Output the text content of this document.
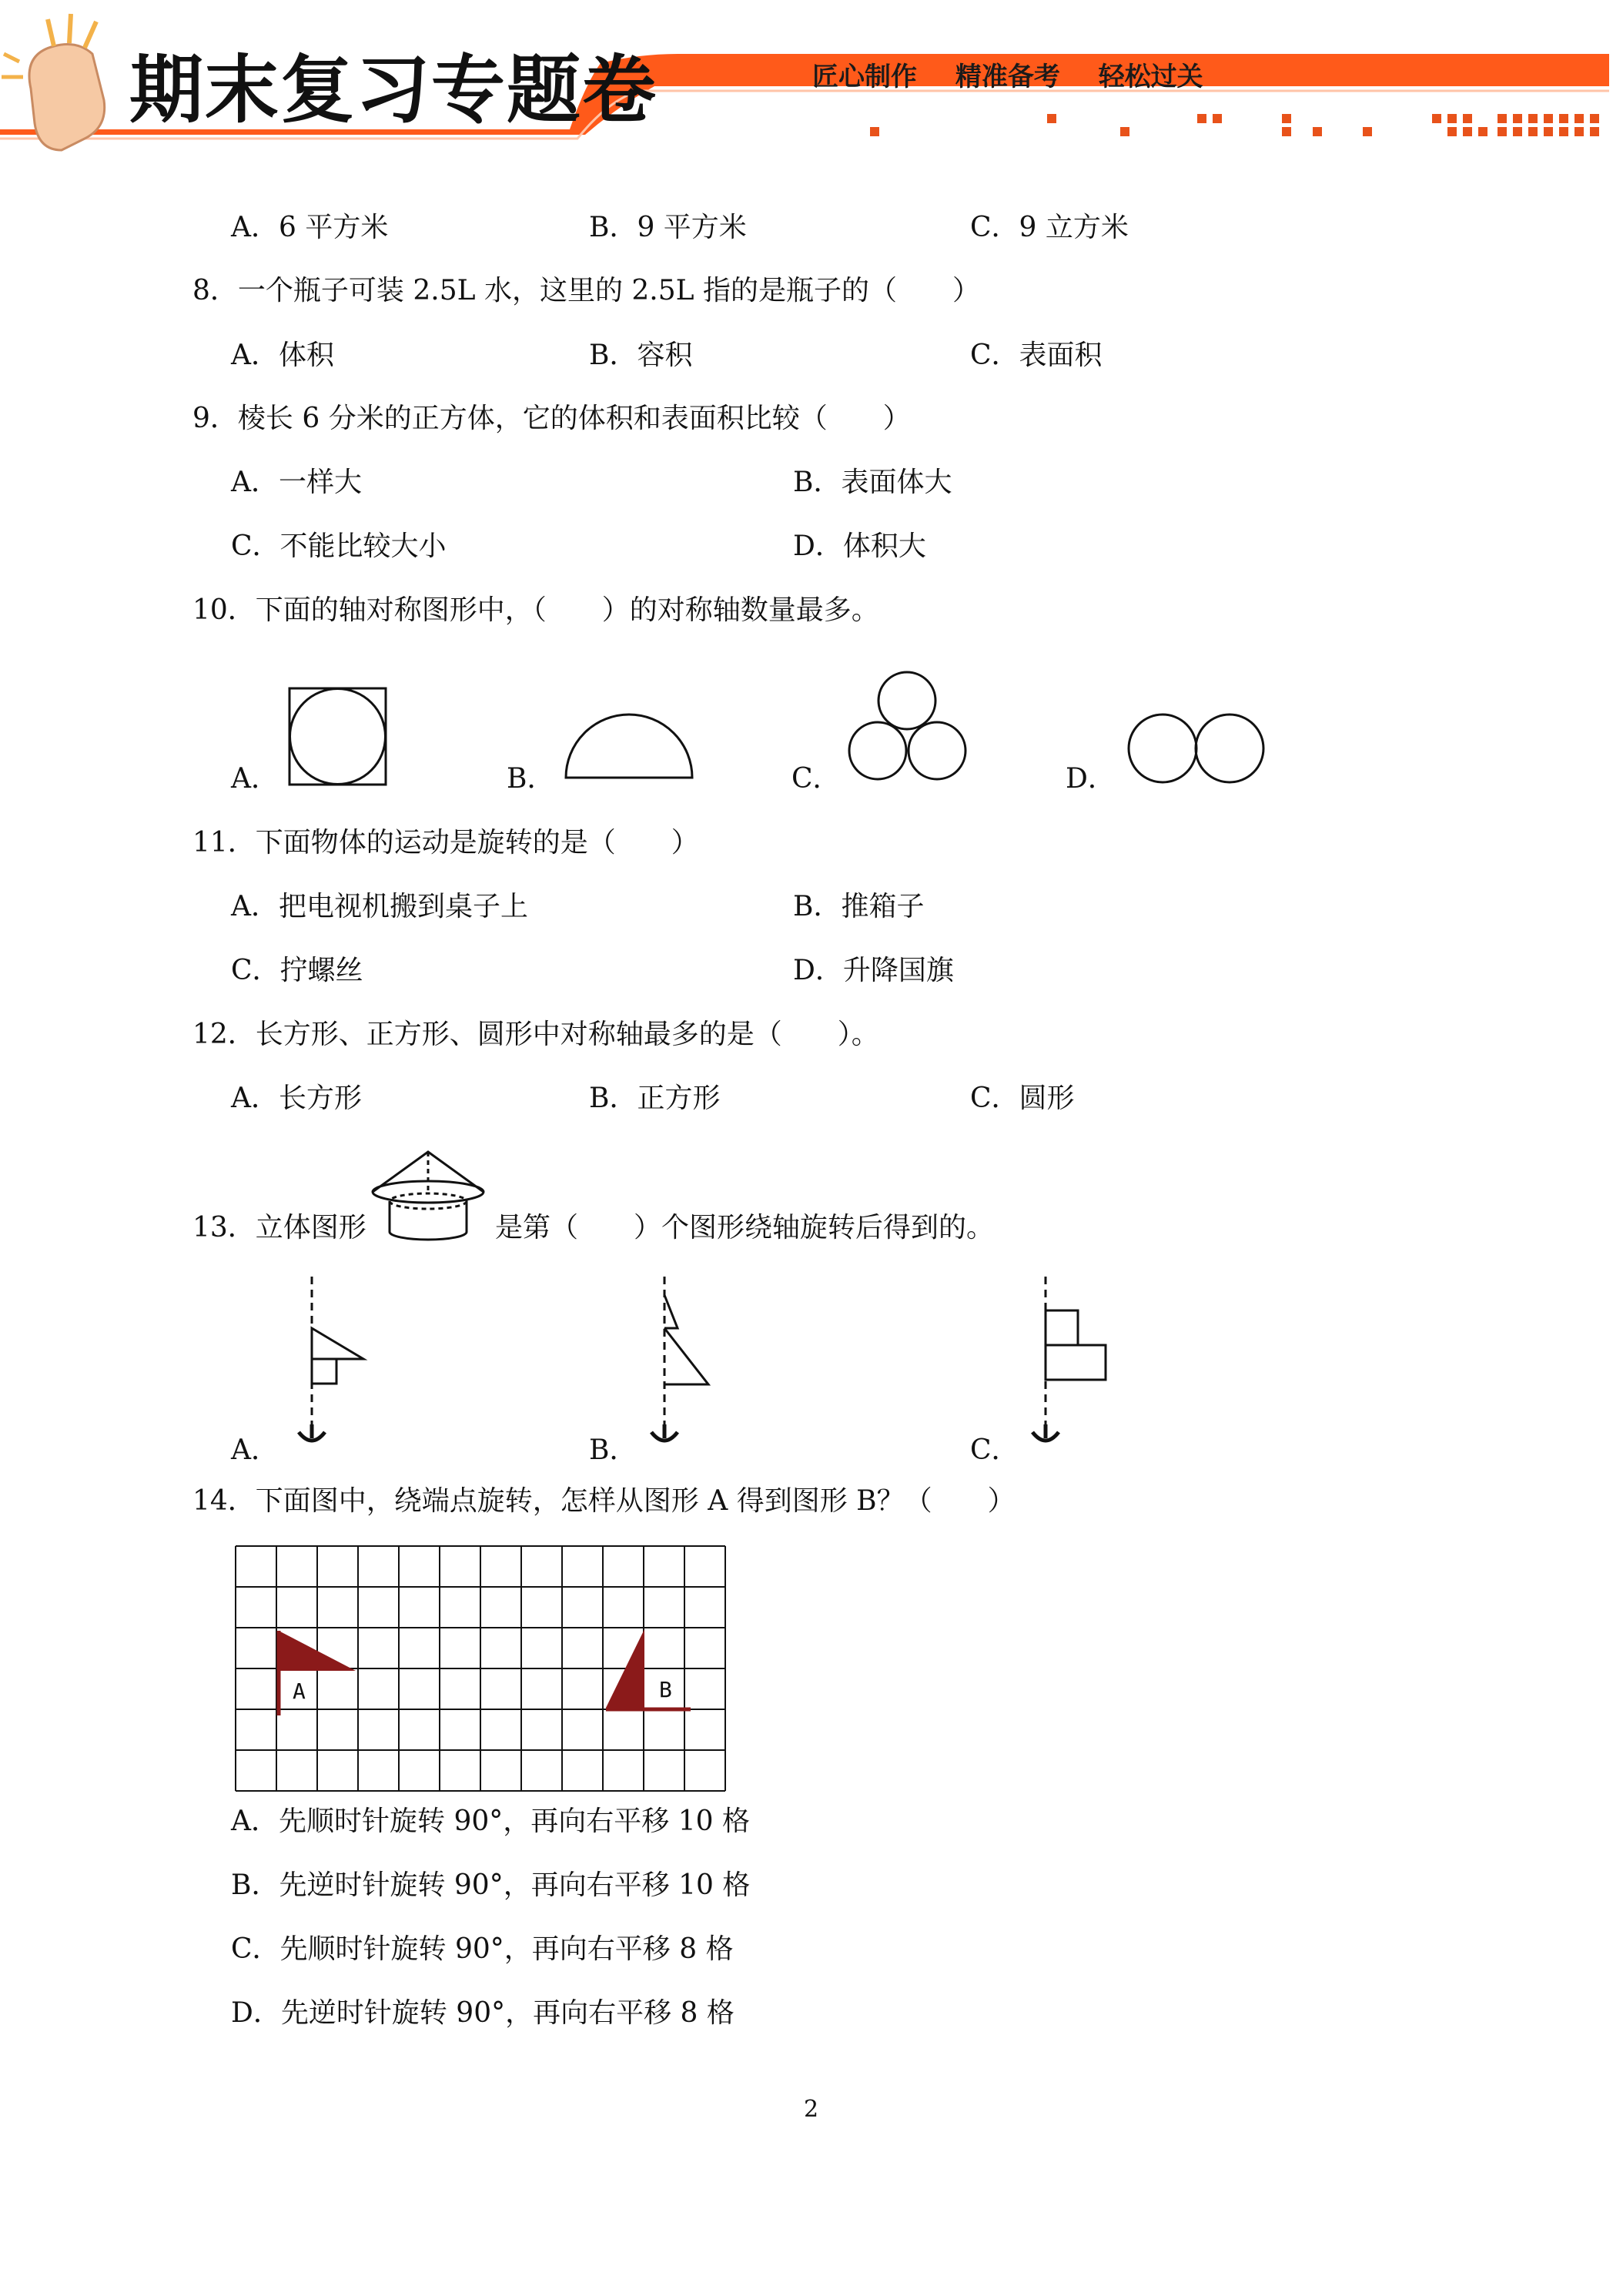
期末复习专题卷	匠心制作 精准备考 轻松过关
A．6 平方米	B．9 平方米	C．9 立方米
8．一个瓶子可装 2.5L 水，这里的 2.5L 指的是瓶子的（　　）
A．体积	B．容积	C．表面积
9．棱长 6 分米的正方体，它的体积和表面积比较（　　）
A．一样大	B．表面体大
C．不能比较大小	D．体积大
10．下面的轴对称图形中，（　　）的对称轴数量最多。
A．	B．	C．	D．
11．下面物体的运动是旋转的是（　　）
A．把电视机搬到桌子上	B．推箱子
C．拧螺丝	D．升降国旗
12．长方形、正方形、圆形中对称轴最多的是（　　）。
A．长方形	B．正方形	C．圆形
13．立体图形	是第（　　）个图形绕轴旋转后得到的。
A．	B．	C．
14．下面图中，绕端点旋转，怎样从图形 A 得到图形 B？（　　）
A	B
A．先顺时针旋转 90°，再向右平移 10 格
B．先逆时针旋转 90°，再向右平移 10 格
C．先顺时针旋转 90°，再向右平移 8 格
D．先逆时针旋转 90°，再向右平移 8 格
2
